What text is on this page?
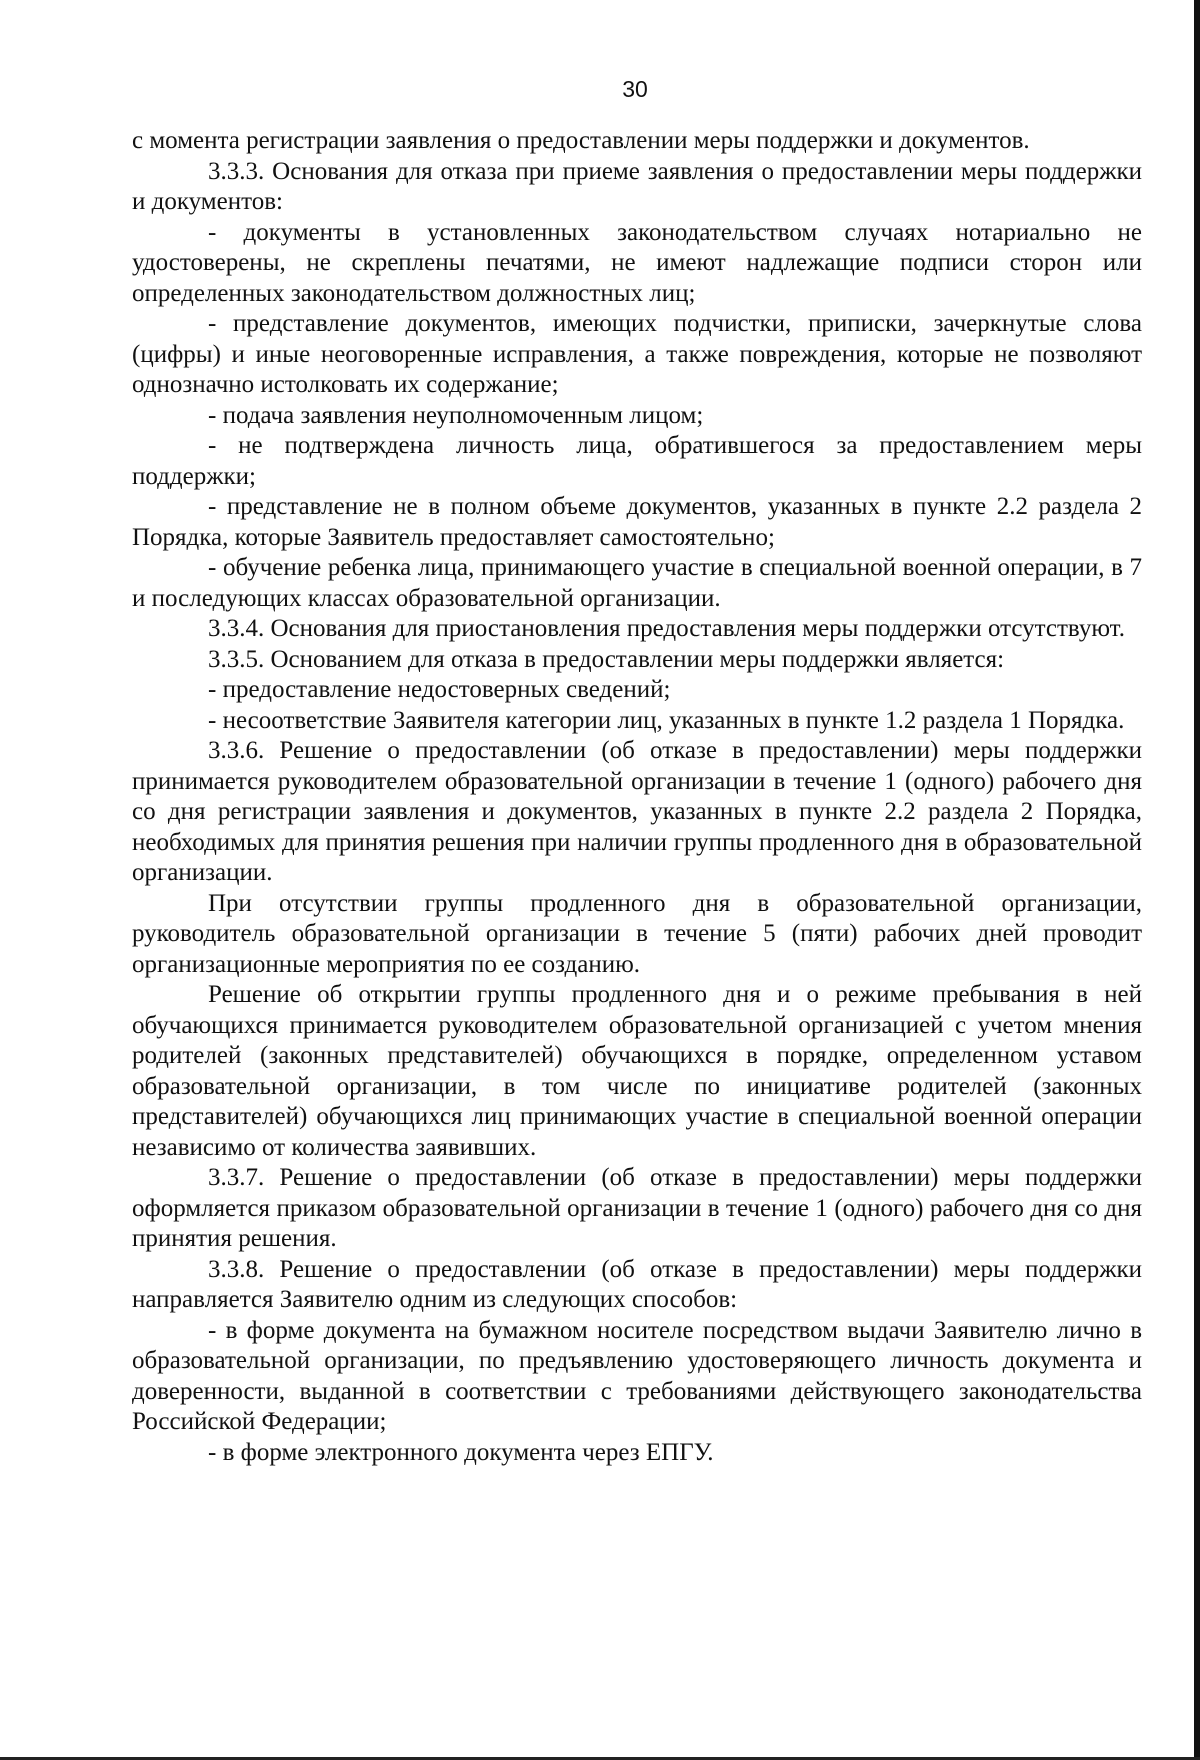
30

с момента регистрации заявления о предоставлении меры поддержки и документов.

3.3.3. Основания для отказа при приеме заявления о предоставлении меры поддержки и документов:

- документы в установленных законодательством случаях нотариально не удостоверены, не скреплены печатями, не имеют надлежащие подписи сторон или определенных законодательством должностных лиц;

- представление документов, имеющих подчистки, приписки, зачеркнутые слова (цифры) и иные неоговоренные исправления, а также повреждения, которые не позволяют однозначно истолковать их содержание;

- подача заявления неуполномоченным лицом;

- не подтверждена личность лица, обратившегося за предоставлением меры поддержки;

- представление не в полном объеме документов, указанных в пункте 2.2 раздела 2 Порядка, которые Заявитель предоставляет самостоятельно;

- обучение ребенка лица, принимающего участие в специальной военной операции, в 7 и последующих классах образовательной организации.

3.3.4. Основания для приостановления предоставления меры поддержки отсутствуют.

3.3.5. Основанием для отказа в предоставлении меры поддержки является:

- предоставление недостоверных сведений;

- несоответствие Заявителя категории лиц, указанных в пункте 1.2 раздела 1 Порядка.

3.3.6. Решение о предоставлении (об отказе в предоставлении) меры поддержки принимается руководителем образовательной организации в течение 1 (одного) рабочего дня со дня регистрации заявления и документов, указанных в пункте 2.2 раздела 2 Порядка, необходимых для принятия решения при наличии группы продленного дня в образовательной организации.

При отсутствии группы продленного дня в образовательной организации, руководитель образовательной организации в течение 5 (пяти) рабочих дней проводит организационные мероприятия по ее созданию.

Решение об открытии группы продленного дня и о режиме пребывания в ней обучающихся принимается руководителем образовательной организацией с учетом мнения родителей (законных представителей) обучающихся в порядке, определенном уставом образовательной организации, в том числе по инициативе родителей (законных представителей) обучающихся лиц принимающих участие в специальной военной операции независимо от количества заявивших.

3.3.7. Решение о предоставлении (об отказе в предоставлении) меры поддержки оформляется приказом образовательной организации в течение 1 (одного) рабочего дня со дня принятия решения.

3.3.8. Решение о предоставлении (об отказе в предоставлении) меры поддержки направляется Заявителю одним из следующих способов:

- в форме документа на бумажном носителе посредством выдачи Заявителю лично в образовательной организации, по предъявлению удостоверяющего личность документа и доверенности, выданной в соответствии с требованиями действующего законодательства Российской Федерации;

- в форме электронного документа через ЕПГУ.
